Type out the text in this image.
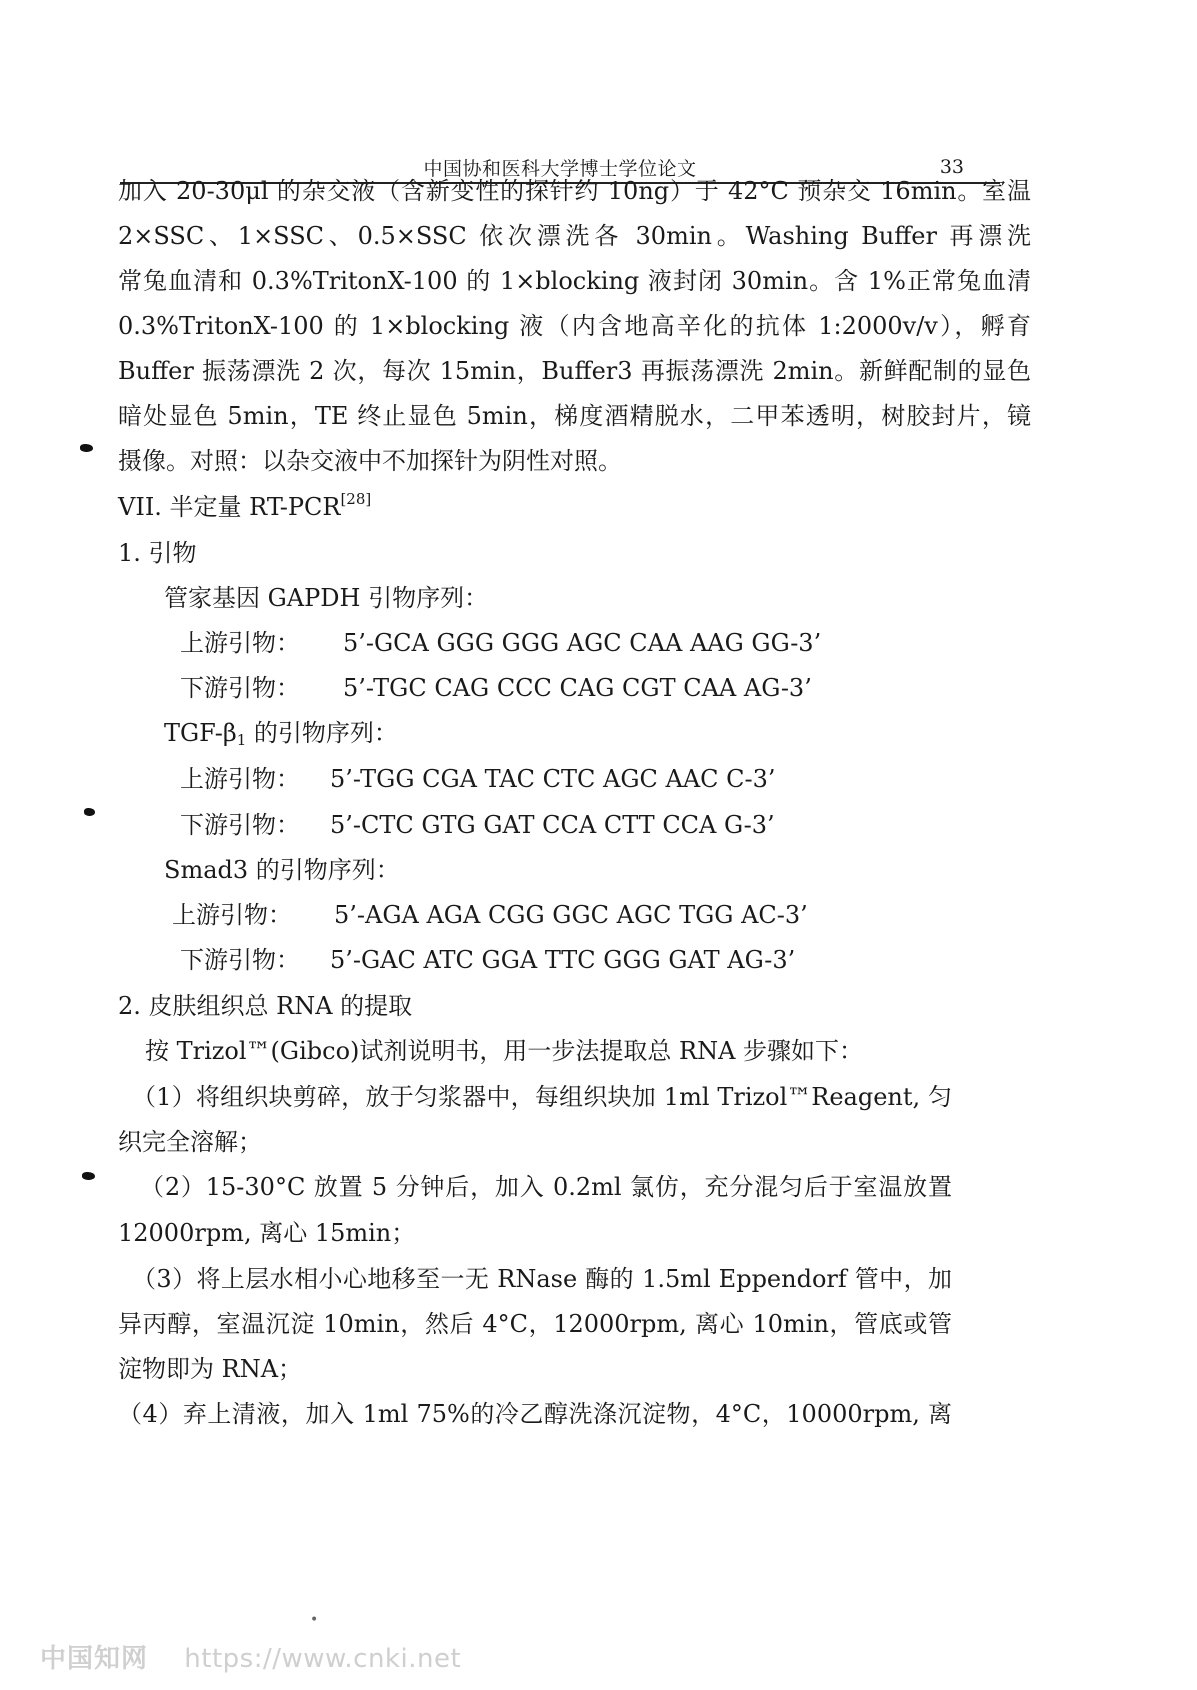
中国协和医科大学博士学位论文	33
加入 20-30μl 的杂交液（含新变性的探针约 10ng）于 42°C 预杂交 16min。室温
2×SSC、1×SSC、0.5×SSC 依次漂洗各 30min。Washing Buffer 再漂洗
常兔血清和 0.3%TritonX-100 的 1×blocking 液封闭 30min。含 1%正常兔血清
0.3%TritonX-100 的 1×blocking 液（内含地高辛化的抗体 1:2000v/v），孵育
Buffer 振荡漂洗 2 次，每次 15min，Buffer3 再振荡漂洗 2min。新鲜配制的显色
暗处显色 5min，TE 终止显色 5min，梯度酒精脱水，二甲苯透明，树胶封片，镜
摄像。对照：以杂交液中不加探针为阴性对照。
VII. 半定量 RT-PCR[28]
1. 引物
管家基因 GAPDH 引物序列：
上游引物： 5’-GCA GGG GGG AGC CAA AAG GG-3’
下游引物： 5’-TGC CAG CCC CAG CGT CAA AG-3’
TGF-$\beta_1$ 的引物序列：
上游引物： 5’-TGG CGA TAC CTC AGC AAC C-3’
下游引物： 5’-CTC GTG GAT CCA CTT CCA G-3’
Smad3 的引物序列：
上游引物： 5’-AGA AGA CGG GGC AGC TGG AC-3’
下游引物： 5’-GAC ATC GGA TTC GGG GAT AG-3’
2. 皮肤组织总 RNA 的提取
按 Trizol™(Gibco)试剂说明书，用一步法提取总 RNA 步骤如下：
（1）将组织块剪碎，放于匀浆器中，每组织块加 1ml Trizol™Reagent, 匀
织完全溶解；
（2）15-30°C 放置 5 分钟后，加入 0.2ml 氯仿，充分混匀后于室温放置
12000rpm, 离心 15min；
（3）将上层水相小心地移至一无 RNase 酶的 1.5ml Eppendorf 管中，加
异丙醇，室温沉淀 10min，然后 4°C，12000rpm, 离心 10min，管底或管
淀物即为 RNA；
（4）弃上清液，加入 1ml 75%的冷乙醇洗涤沉淀物，4°C，10000rpm, 离
•
中国知网 https://www.cnki.net
